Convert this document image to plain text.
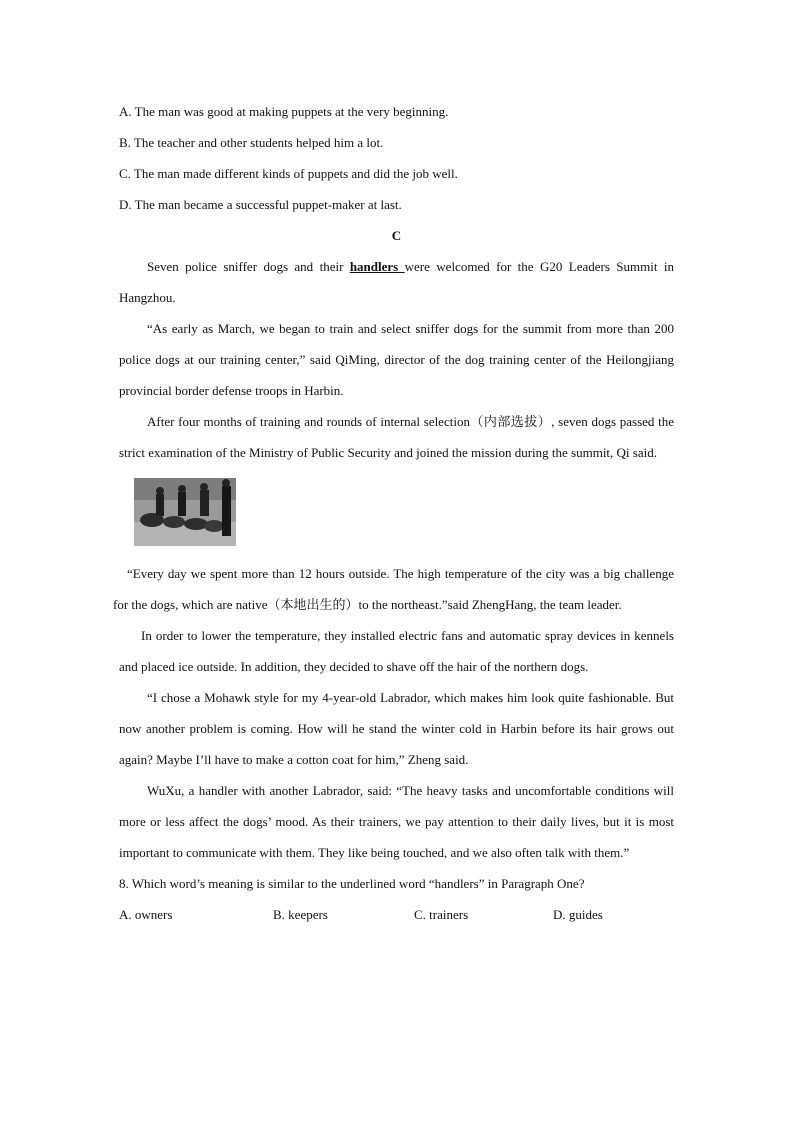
A. The man was good at making puppets at the very beginning.
B. The teacher and other students helped him a lot.
C. The man made different kinds of puppets and did the job well.
D. The man became a successful puppet-maker at last.
C
Seven police sniffer dogs and their handlers were welcomed for the G20 Leaders Summit in Hangzhou.
“As early as March, we began to train and select sniffer dogs for the summit from more than 200 police dogs at our training center,” said QiMing, director of the dog training center of the Heilongjiang provincial border defense troops in Harbin.
After four months of training and rounds of internal selection（内部选拔）, seven dogs passed the strict examination of the Ministry of Public Security and joined the mission during the summit, Qi said.
“Every day we spent more than 12 hours outside. The high temperature of the city was a big challenge for the dogs, which are native（本地出生的）to the northeast.”said ZhengHang, the team leader.
In order to lower the temperature, they installed electric fans and automatic spray devices in kennels and placed ice outside. In addition, they decided to shave off the hair of the northern dogs.
“I chose a Mohawk style for my 4-year-old Labrador, which makes him look quite fashionable. But now another problem is coming. How will he stand the winter cold in Harbin before its hair grows out again? Maybe I’ll have to make a cotton coat for him,” Zheng said.
WuXu, a handler with another Labrador, said: “The heavy tasks and uncomfortable conditions will more or less affect the dogs’ mood. As their trainers, we pay attention to their daily lives, but it is most important to communicate with them. They like being touched, and we also often talk with them.”
8. Which word’s meaning is similar to the underlined word “handlers” in Paragraph One?
A. owners	B. keepers	C. trainers	D. guides
